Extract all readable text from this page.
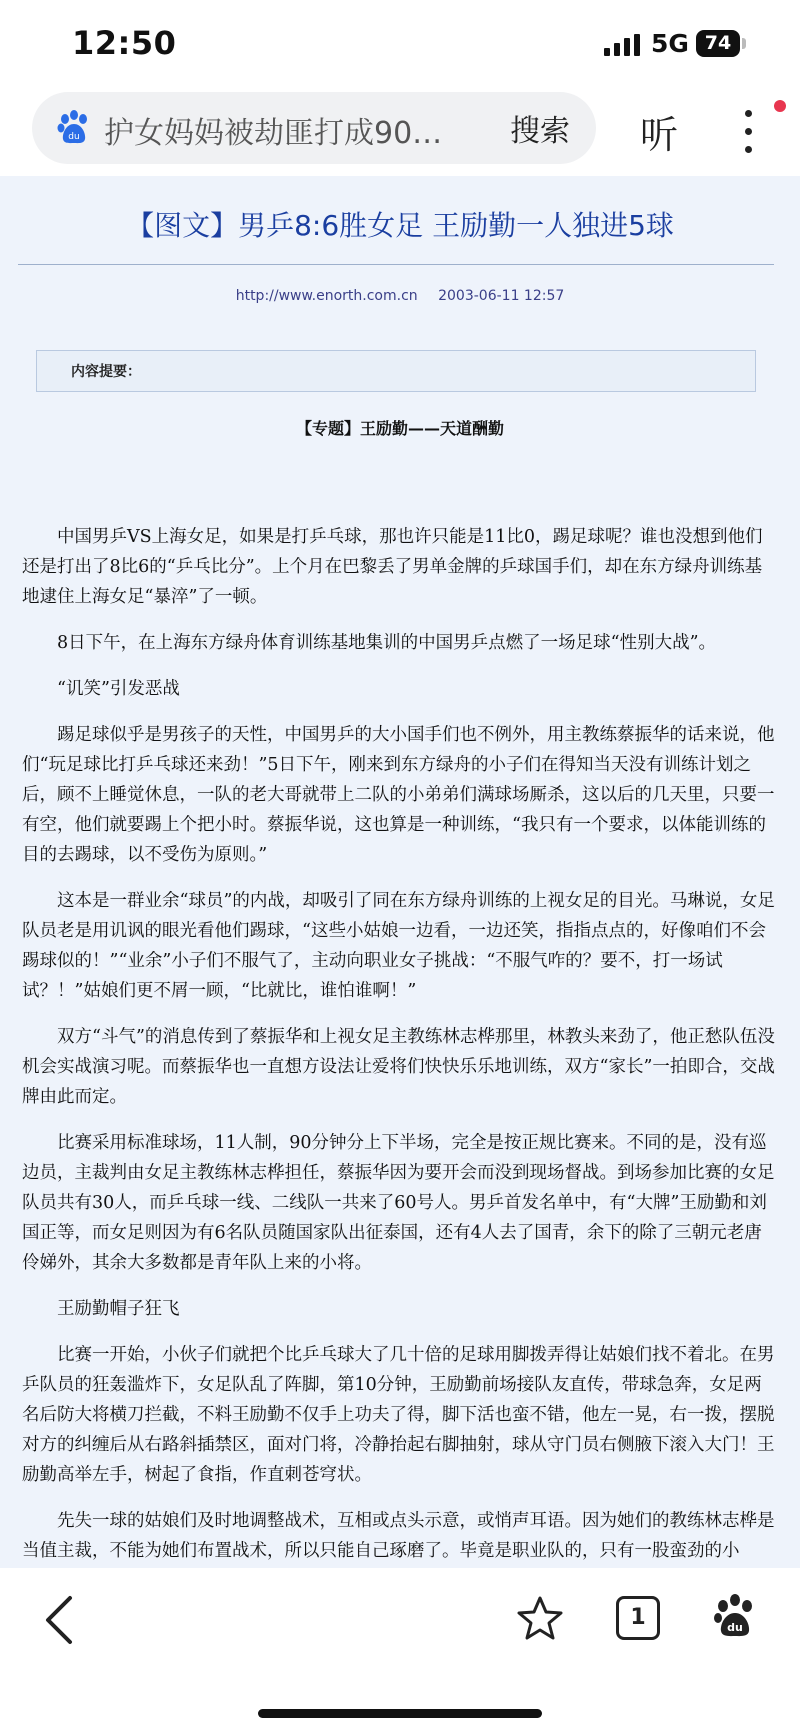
12:50	5G 74
du 护女妈妈被劫匪打成90…	搜索 听
【图文】男乒8:6胜女足 王励勤一人独进5球
http://www.enorth.com.cn 2003-06-11 12:57
内容提要：
【专题】王励勤——天道酬勤

中国男乒VS上海女足，如果是打乒乓球，那也许只能是11比0，踢足球呢？谁也没想到他们还是打出了8比6的“乒乓比分”。上个月在巴黎丢了男单金牌的乒球国手们，却在东方绿舟训练基地逮住上海女足“暴淬”了一顿。

8日下午，在上海东方绿舟体育训练基地集训的中国男乒点燃了一场足球“性别大战”。

“讥笑”引发恶战

踢足球似乎是男孩子的天性，中国男乒的大小国手们也不例外，用主教练蔡振华的话来说，他们“玩足球比打乒乓球还来劲！”5日下午，刚来到东方绿舟的小子们在得知当天没有训练计划之后，顾不上睡觉休息，一队的老大哥就带上二队的小弟弟们满球场厮杀，这以后的几天里，只要一有空，他们就要踢上个把小时。蔡振华说，这也算是一种训练，“我只有一个要求，以体能训练的目的去踢球，以不受伤为原则。”

这本是一群业余“球员”的内战，却吸引了同在东方绿舟训练的上视女足的目光。马琳说，女足队员老是用讥讽的眼光看他们踢球，“这些小姑娘一边看，一边还笑，指指点点的，好像咱们不会踢球似的！”“业余”小子们不服气了，主动向职业女子挑战：“不服气咋的？要不，打一场试试？！”姑娘们更不屑一顾，“比就比，谁怕谁啊！”

双方“斗气”的消息传到了蔡振华和上视女足主教练林志桦那里，林教头来劲了，他正愁队伍没机会实战演习呢。而蔡振华也一直想方设法让爱将们快快乐乐地训练，双方“家长”一拍即合，交战牌由此而定。

比赛采用标准球场，11人制，90分钟分上下半场，完全是按正规比赛来。不同的是，没有巡边员，主裁判由女足主教练林志桦担任，蔡振华因为要开会而没到现场督战。到场参加比赛的女足队员共有30人，而乒乓球一线、二线队一共来了60号人。男乒首发名单中，有“大牌”王励勤和刘国正等，而女足则因为有6名队员随国家队出征泰国，还有4人去了国青，余下的除了三朝元老唐伶娣外，其余大多数都是青年队上来的小将。

王励勤帽子狂飞

比赛一开始，小伙子们就把个比乒乓球大了几十倍的足球用脚拨弄得让姑娘们找不着北。在男乒队员的狂轰滥炸下，女足队乱了阵脚，第10分钟，王励勤前场接队友直传，带球急奔，女足两名后防大将横刀拦截，不料王励勤不仅手上功夫了得，脚下活也蛮不错，他左一晃，右一拨，摆脱对方的纠缠后从右路斜插禁区，面对门将，冷静抬起右脚抽射，球从守门员右侧腋下滚入大门！王励勤高举左手，树起了食指，作直刺苍穹状。

先失一球的姑娘们及时地调整战术，互相或点头示意，或悄声耳语。因为她们的教练林志桦是当值主裁，不能为她们布置战术，所以只能自己琢磨了。毕竟是职业队的，只有一股蛮劲的小

1	du
